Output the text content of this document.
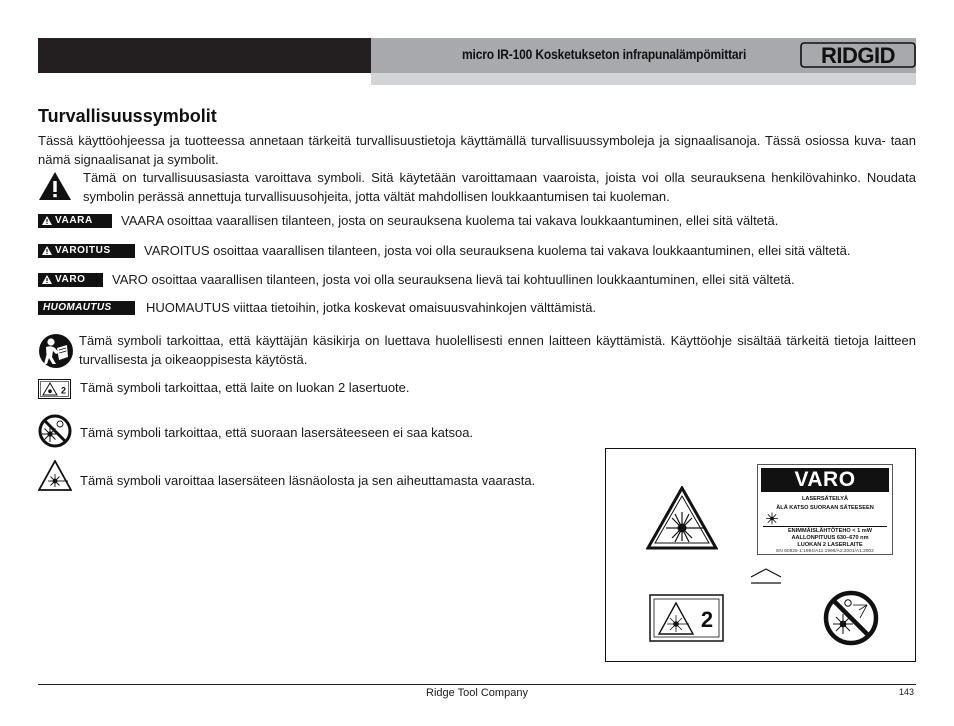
micro IR-100 Kosketukseton infrapunalämpömittari	RIDGID
Turvallisuussymbolit
Tässä käyttöohjeessa ja tuotteessa annetaan tärkeitä turvallisuustietoja käyttämällä turvallisuussymboleja ja signaalisanoja. Tässä osiossa kuva- taan nämä signaalisanat ja symbolit.
Tämä on turvallisuusasiasta varoittava symboli. Sitä käytetään varoittamaan vaaroista, joista voi olla seurauksena henkilövahinko. Noudata symbolin perässä annettuja turvallisuusohjeita, jotta vältät mahdollisen loukkaantumisen tai kuoleman.
VAARA	VAARA osoittaa vaarallisen tilanteen, josta on seurauksena kuolema tai vakava loukkaantuminen, ellei sitä vältetä.
VAROITUS	VAROITUS osoittaa vaarallisen tilanteen, josta voi olla seurauksena kuolema tai vakava loukkaantuminen, ellei sitä vältetä.
VARO	VARO osoittaa vaarallisen tilanteen, josta voi olla seurauksena lievä tai kohtuullinen loukkaantuminen, ellei sitä vältetä.
HUOMAUTUS	HUOMAUTUS viittaa tietoihin, jotka koskevat omaisuusvahinkojen välttämistä.
Tämä symboli tarkoittaa, että käyttäjän käsikirja on luettava huolellisesti ennen laitteen käyttämistä. Käyttöohje sisältää tärkeitä tietoja laitteen turvallisesta ja oikeaoppisesta käytöstä.
2 Tämä symboli tarkoittaa, että laite on luokan 2 lasertuote.
Tämä symboli tarkoittaa, että suoraan lasersäteeseen ei saa katsoa.
Tämä symboli varoittaa lasersäteen läsnäolosta ja sen aiheuttamasta vaarasta.	VARO
LASERSÄTEILYÄ
ÄLÄ KATSO SUORAAN SÄTEESEEN
ENIMMÄISLÄHTÖTEHO < 1 mW
AALLONPITUUS 630–670 nm
LUOKAN 2 LASERLAITE
EN 60825-1:1994/A11:1996/A2:2001/A1:2002
2
Ridge Tool Company	143
